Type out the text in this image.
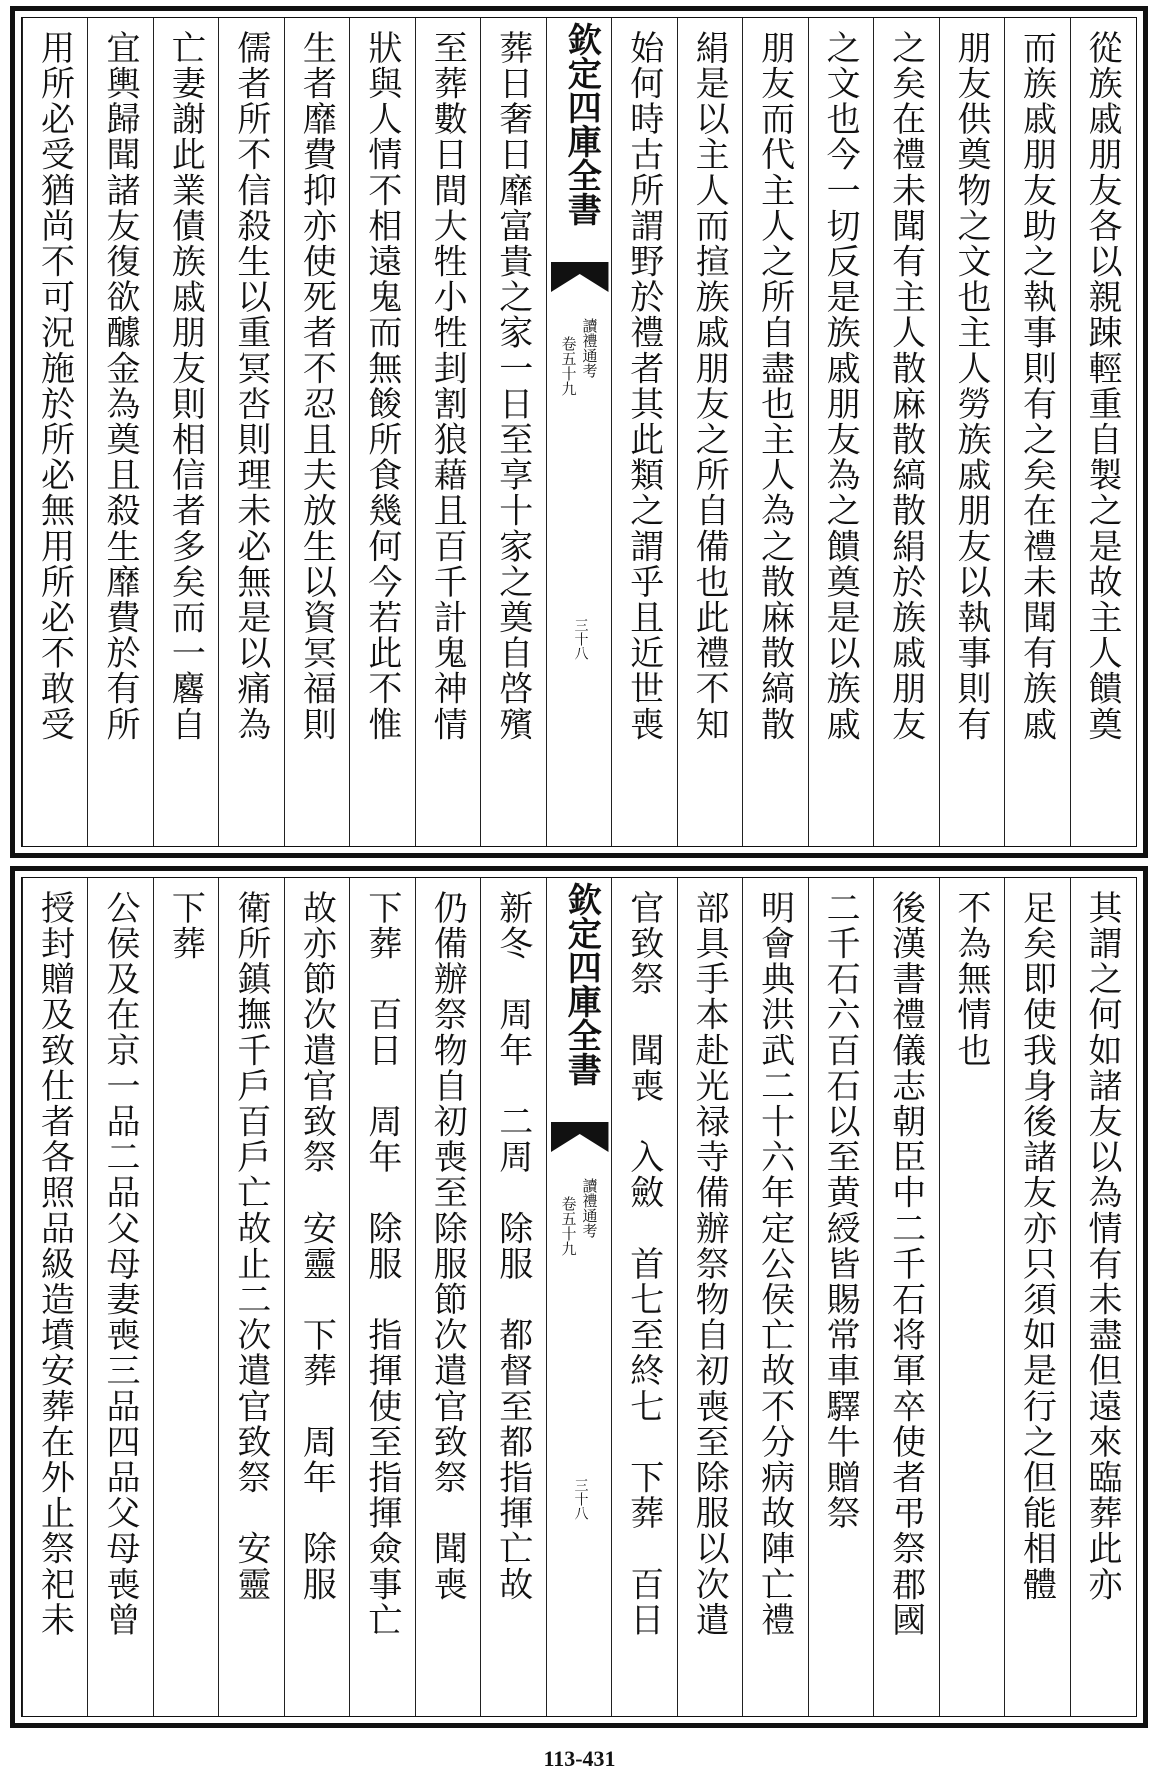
從族戚朋友各以親踈輕重自製之是故主人饋奠
而族戚朋友助之執事則有之矣在禮未聞有族戚
朋友供奠物之文也主人勞族戚朋友以執事則有
之矣在禮未聞有主人散麻散縞散絹於族戚朋友
之文也今一切反是族戚朋友為之饋奠是以族戚
朋友而代主人之所自盡也主人為之散麻散縞散
絹是以主人而揎族戚朋友之所自備也此禮不知
始何時古所謂野於禮者其此類之謂乎且近世喪
欽定四庫全書
讀禮通考
卷五十九
三十八
葬日奢日靡富貴之家一日至享十家之奠自啓殯
至葬數日間大牲小牲刲割狼藉且百千計鬼神情
狀與人情不相遠鬼而無餕所食幾何今若此不惟
生者靡費抑亦使死者不忍且夫放生以資冥福則
儒者所不信殺生以重冥呇則理未必無是以痛為
亡妻謝此業債族戚朋友則相信者多矣而一麔自
宜輿歸聞諸友復欲醵金為奠且殺生靡費於有所
用所必受猶尚不可況施於所必無用所必不敢受
其謂之何如諸友以為情有未盡但遠來臨葬此亦
足矣即使我身後諸友亦只須如是行之但能相體
不為無情也
後漢書禮儀志朝臣中二千石将軍卒使者弔祭郡國
二千石六百石以至黄綬皆賜常車驛牛贈祭
明會典洪武二十六年定公侯亡故不分病故陣亡禮
部具手本赴光禄寺備辦祭物自初喪至除服以次遣
官致祭　聞喪　入斂　首七至終七　下葬　百日
欽定四庫全書
讀禮通考
卷五十九
三十八
新冬　周年　二周　除服　都督至都指揮亡故
仍備辦祭物自初喪至除服節次遣官致祭　聞喪
下葬　百日　周年　除服　指揮使至指揮僉事亡
故亦節次遣官致祭　安靈　下葬　周年　除服
衛所鎮撫千戶百戶亡故止二次遣官致祭　安靈
下葬
公侯及在京一品二品父母妻喪三品四品父母喪曾
授封贈及致仕者各照品級造墳安葬在外止祭祀未
113-431
